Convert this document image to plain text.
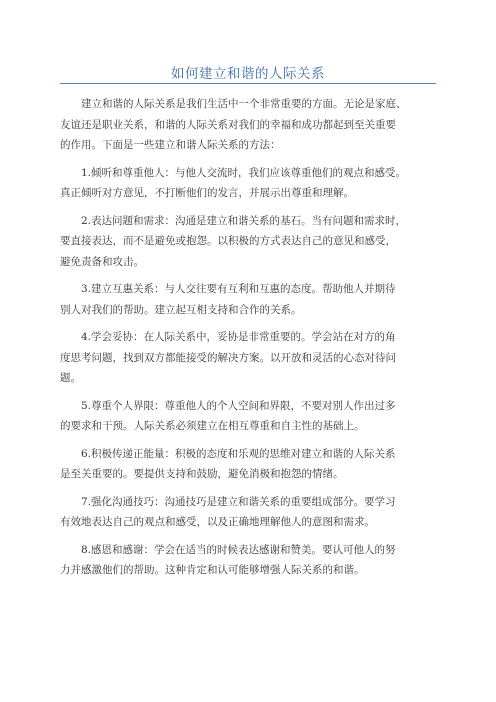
如何建立和谐的人际关系

建立和谐的人际关系是我们生活中一个非常重要的方面。无论是家庭、
友谊还是职业关系，和谐的人际关系对我们的幸福和成功都起到至关重要
的作用。下面是一些建立和谐人际关系的方法：

1.倾听和尊重他人：与他人交流时，我们应该尊重他们的观点和感受。
真正倾听对方意见，不打断他们的发言，并展示出尊重和理解。

2.表达问题和需求：沟通是建立和谐关系的基石。当有问题和需求时，
要直接表达，而不是避免或抱怨。以积极的方式表达自己的意见和感受，
避免责备和攻击。

3.建立互惠关系：与人交往要有互利和互惠的态度。帮助他人并期待
别人对我们的帮助。建立起互相支持和合作的关系。

4.学会妥协：在人际关系中，妥协是非常重要的。学会站在对方的角
度思考问题，找到双方都能接受的解决方案。以开放和灵活的心态对待问
题。

5.尊重个人界限：尊重他人的个人空间和界限，不要对别人作出过多
的要求和干预。人际关系必须建立在相互尊重和自主性的基础上。

6.积极传递正能量：积极的态度和乐观的思维对建立和谐的人际关系
是至关重要的。要提供支持和鼓励，避免消极和抱怨的情绪。

7.强化沟通技巧：沟通技巧是建立和谐关系的重要组成部分。要学习
有效地表达自己的观点和感受，以及正确地理解他人的意图和需求。

8.感恩和感谢：学会在适当的时候表达感谢和赞美。要认可他人的努
力并感激他们的帮助。这种肯定和认可能够增强人际关系的和谐。
